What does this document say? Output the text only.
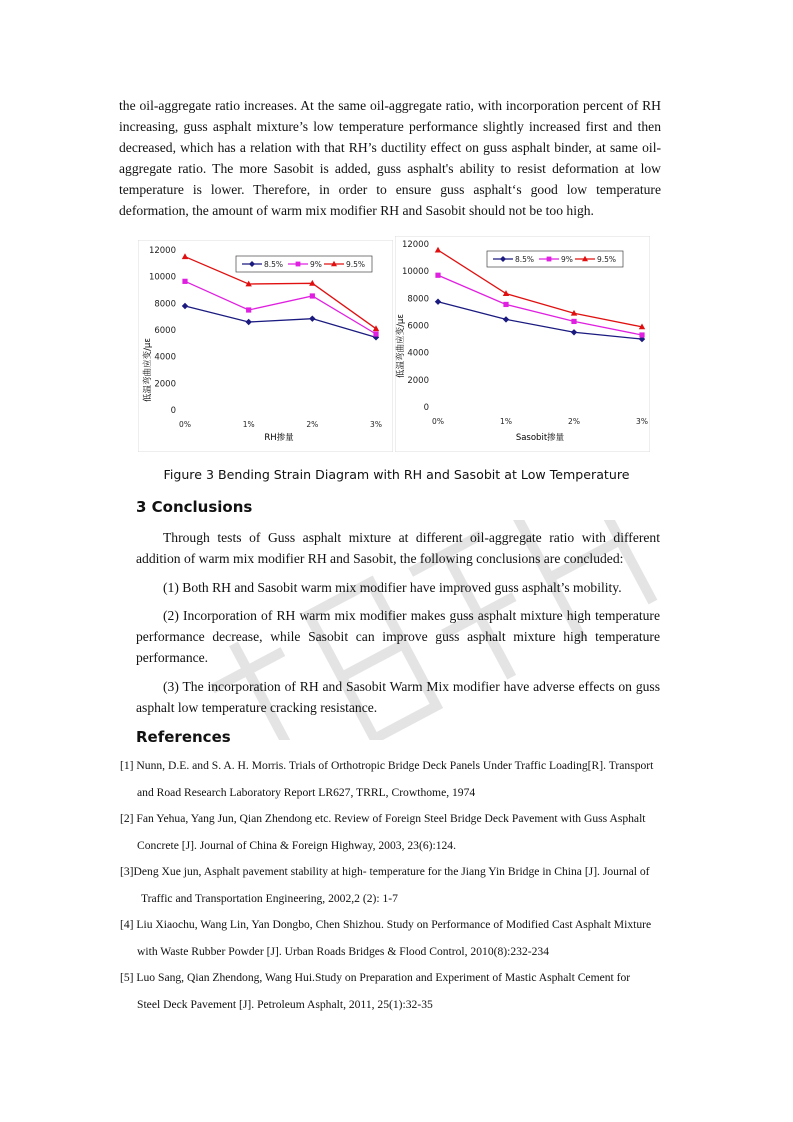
the oil-aggregate ratio increases. At the same oil-aggregate ratio, with incorporation percent of RH increasing, guss asphalt mixture’s low temperature performance slightly increased first and then decreased, which has a relation with that RH’s ductility effect on guss asphalt binder, at same oil-aggregate ratio. The more Sasobit is added, guss asphalt's ability to resist deformation at low temperature is lower. Therefore, in order to ensure guss asphalt‘s good low temperature deformation, the amount of warm mix modifier RH and Sasobit should not be too high.
0
2000
4000
6000
8000
10000
12000
0%	1%	2%	3%
8.5%	9%	9.5%
低温弯曲应变/με
RH掺量
0
2000
4000
6000
8000
10000
12000
0%	1%	2%	3%
8.5%	9%	9.5%
低温弯曲应变/με
Sasobit掺量
Figure 3 Bending Strain Diagram with RH and Sasobit at Low Temperature
3 Conclusions
Through tests of Guss asphalt mixture at different oil-aggregate ratio with different addition of warm mix modifier RH and Sasobit, the following conclusions are concluded:
(1) Both RH and Sasobit warm mix modifier have improved guss asphalt’s mobility.
(2) Incorporation of RH warm mix modifier makes guss asphalt mixture high temperature performance decrease, while Sasobit can improve guss asphalt mixture high temperature performance.
(3) The incorporation of RH and Sasobit Warm Mix modifier have adverse effects on guss asphalt low temperature cracking resistance.
References
[1] Nunn, D.E. and S. A. H. Morris. Trials of Orthotropic Bridge Deck Panels Under Traffic Loading[R]. Transport
and Road Research Laboratory Report LR627, TRRL, Crowthome, 1974
[2] Fan Yehua, Yang Jun, Qian Zhendong etc. Review of Foreign Steel Bridge Deck Pavement with Guss Asphalt
Concrete [J]. Journal of China & Foreign Highway, 2003, 23(6):124.
[3]Deng Xue jun, Asphalt pavement stability at high- temperature for the Jiang Yin Bridge in China [J]. Journal of
Traffic and Transportation Engineering, 2002,2 (2): 1-7
[4] Liu Xiaochu, Wang Lin, Yan Dongbo, Chen Shizhou. Study on Performance of Modified Cast Asphalt Mixture
with Waste Rubber Powder [J]. Urban Roads Bridges & Flood Control, 2010(8):232-234
[5] Luo Sang, Qian Zhendong, Wang Hui.Study on Preparation and Experiment of Mastic Asphalt Cement for
Steel Deck Pavement [J]. Petroleum Asphalt, 2011, 25(1):32-35
